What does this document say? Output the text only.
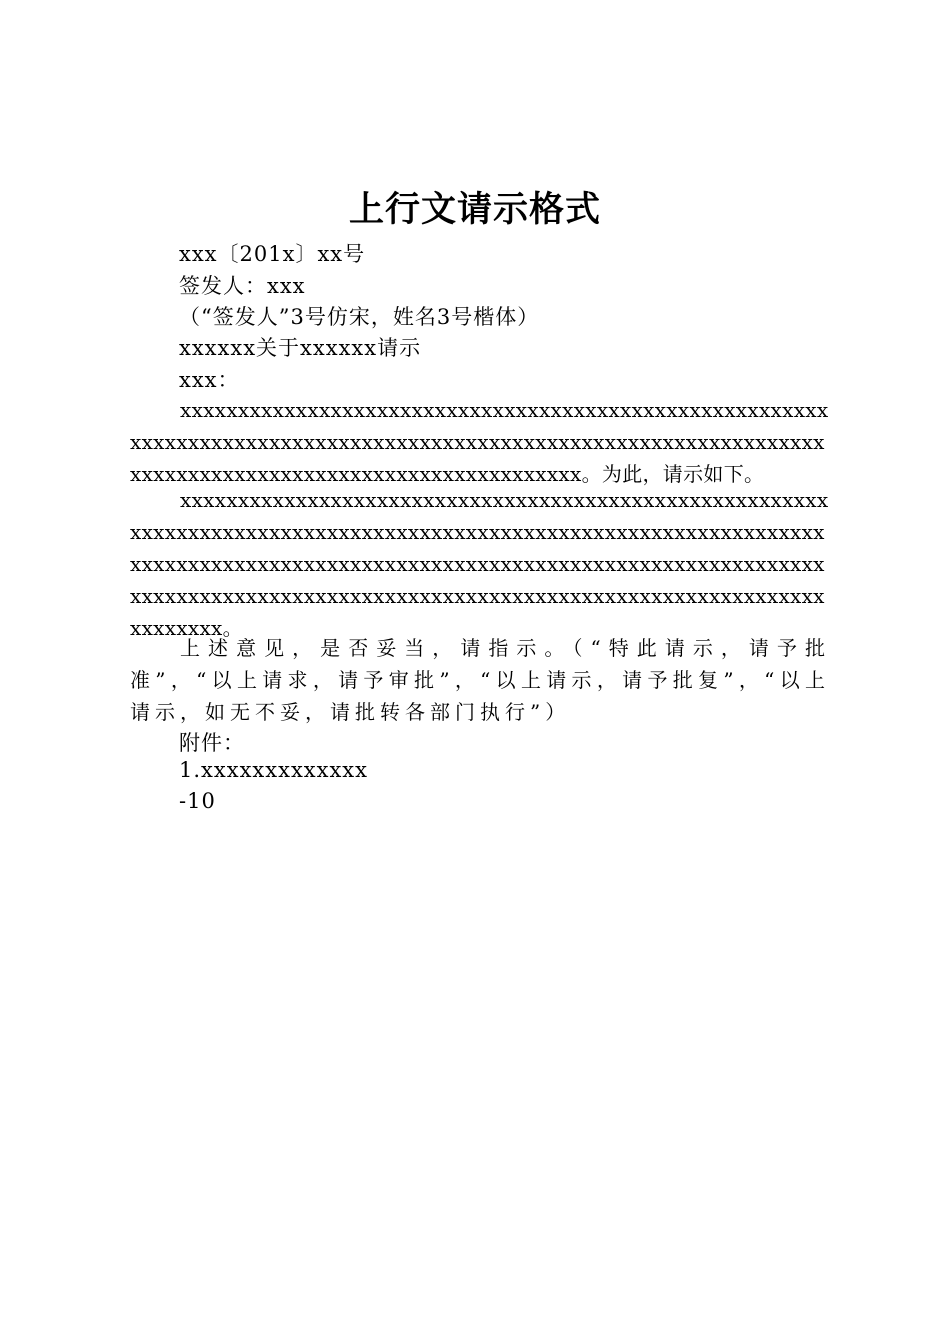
上行文请示格式
xxx〔201x〕xx号
签发人：xxx
（“签发人”3号仿宋，姓名3号楷体）
xxxxxx关于xxxxxx请示
xxx：
xxxxxxxxxxxxxxxxxxxxxxxxxxxxxxxxxxxxxxxxxxxxxxxxxxxxxxxxxxxxxxxxxxxxxxxxxxxxxxxxxxxxxxxxxxxxxxxxxxxxxxxxxxxxxxxxxxxxxxxxxxxxxxxxxxxxxxxxxxxxxxxxxxxxxxxxxxx。为此，请示如下。
xxxxxxxxxxxxxxxxxxxxxxxxxxxxxxxxxxxxxxxxxxxxxxxxxxxxxxxxxxxxxxxxxxxxxxxxxxxxxxxxxxxxxxxxxxxxxxxxxxxxxxxxxxxxxxxxxxxxxxxxxxxxxxxxxxxxxxxxxxxxxxxxxxxxxxxxxxxxxxxxxxxxxxxxxxxxxxxxxxxxxxxxxxxxxxxxxxxxxxxxxxxxxxxxxxxxxxxxxxxxxxxxxxxxxxxxxxxxxxxxxxxx。
上述意见，是否妥当，请指示。（“特此请示，请予批准”，“以上请求，请予审批”，“以上请示，请予批复”，“以上请示，如无不妥，请批转各部门执行”）
附件：
1.xxxxxxxxxxxxx
-10
